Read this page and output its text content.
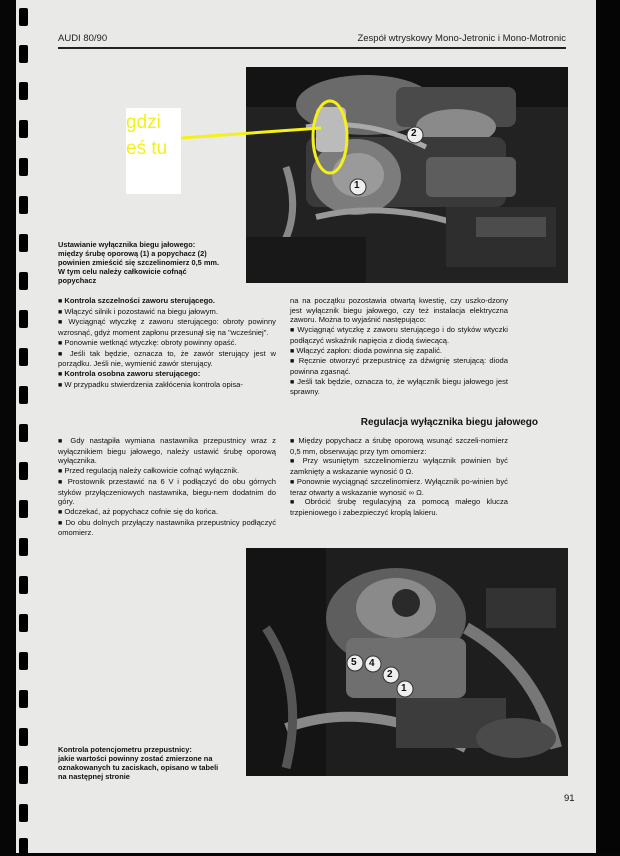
AUDI 80/90	Zespół wtryskowy Mono-Jetronic i Mono-Motronic
1
2
gdzi
eś tu
Ustawianie wyłącznika biegu jałowego:
między śrubę oporową (1) a popychacz (2)
powinien zmieścić się szczelinomierz 0,5 mm.
W tym celu należy całkowicie cofnąć
popychacz

■ Kontrola szczelności zaworu sterującego.

■ Włączyć silnik i pozostawić na biegu jałowym.

■ Wyciągnąć wtyczkę z zaworu sterującego: obroty powinny wzrosnąć, gdyż moment zapłonu przesunął się na "wcześniej".

■ Ponownie wetknąć wtyczkę: obroty powinny opaść.

■ Jeśli tak będzie, oznacza to, że zawór sterujący jest w porządku. Jeśli nie, wymienić zawór sterujący.

■ Kontrola osobna zaworu sterującego:

■ W przypadku stwierdzenia zakłócenia kontrola opisa-

na na początku pozostawia otwartą kwestię, czy uszko-dzony jest wyłącznik biegu jałowego, czy też instalacja elektryczna zaworu. Można to wyjaśnić następująco:

■ Wyciągnąć wtyczkę z zaworu sterującego i do styków wtyczki podłączyć wskaźnik napięcia z diodą świecącą.

■ Włączyć zapłon: dioda powinna się zapalić.

■ Ręcznie otworzyć przepustnicę za dźwignię sterującą: dioda powinna zgasnąć.

■ Jeśli tak będzie, oznacza to, że wyłącznik biegu jałowego jest sprawny.

Regulacja wyłącznika biegu jałowego

■ Gdy nastąpiła wymiana nastawnika przepustnicy wraz z wyłącznikiem biegu jałowego, należy ustawić śrubę oporową wyłącznika.

■ Przed regulacją należy całkowicie cofnąć wyłącznik.

■ Prostownik przestawić na 6 V i podłączyć do obu górnych styków przyłączeniowych nastawnika, biegu-nem dodatnim do góry.

■ Odczekać, aż popychacz cofnie się do końca.

■ Do obu dolnych przyłączy nastawnika przepustnicy podłączyć omomierz.

■ Między popychacz a śrubę oporową wsunąć szczeli-nomierz 0,5 mm, obserwując przy tym omomierz:

■ Przy wsuniętym szczelinomierzu wyłącznik powinien być zamknięty a wskazanie wynosić 0 Ω.

■ Ponownie wyciągnąć szczelinomierz. Wyłącznik po-winien być teraz otwarty a wskazanie wynosić ∞ Ω.

■ Obrócić śrubę regulacyjną za pomocą małego klucza trzpieniowego i zabezpieczyć kroplą lakieru.

5 4
2
1
Kontrola potencjometru przepustnicy:
jakie wartości powinny zostać zmierzone na
oznakowanych tu zaciskach, opisano w tabeli
na następnej stronie
91
